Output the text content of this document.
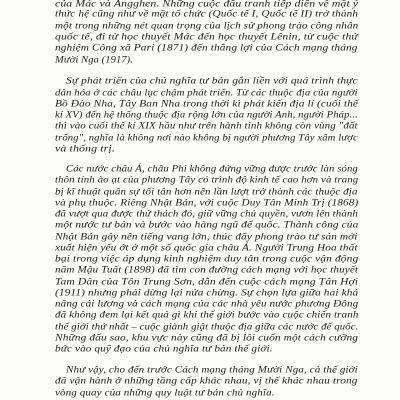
của Mác và Ăngghen. Những cuộc đấu tranh tiếp diễn về mặt ý
thức hệ cũng như về mặt tổ chức (Quốc tế I, Quốc tế II) trở thành
một trong những nét quan trọng của lịch sử phong trào công nhân
quốc tế, đi từ học thuyết Mác đến học thuyết Lênin, từ cuộc thử
nghiệm Công xã Pari (1871) đến thắng lợi của Cách mạng tháng
Mười Nga (1917).
Sự phát triển của chủ nghĩa tư bản gắn liền với quá trình thực
dân hóa ở các châu lục chậm phát triển. Từ các thuộc địa của người
Bồ Đào Nha, Tây Ban Nha trong thời kì phát kiến địa lí (cuối thế
kỉ XV) đến hệ thống thuộc địa rộng lớn của người Anh, người Pháp...
thì vào cuối thế kỉ XIX hầu như trên hành tinh không còn vùng "đất
trống", nghĩa là không nơi nào không bị người phương Tây xâm lược
và thống trị.
Các nước châu Á, châu Phi không đứng vững được trước làn sóng
thôn tính ào ạt của phương Tây có trình độ kinh tế cao hơn và trang
bị kĩ thuật quân sự tối tân hơn nên lần lượt trở thành các thuộc địa
và phụ thuộc. Riêng Nhật Bản, với cuộc Duy Tân Minh Trị (1868)
đã vượt qua được thử thách đó, giữ vững chủ quyền, vươn lên thành
một nước tư bản và bước vào hàng ngũ đế quốc. Thành công của
Nhật Bản gây nên tiếng vang lớn, thúc đẩy phong trào tư sản mới
xuất hiện yếu ớt ở một số quốc gia châu Á. Người Trung Hoa thất
bại trong việc áp dụng kinh nghiệm duy tân trong cuộc vận động
năm Mậu Tuất (1898) đã tìm con đường cách mạng với học thuyết
Tam Dân của Tôn Trung Sơn, dẫn đến cuộc cách mạng Tân Hợi
(1911) nhưng phải dừng lại nửa chừng. Sự chọn lựa giữa hai khả
năng cải lương và cách mạng của các nhà yêu nước phương Đông
đã không đem lại kết quả gì khi thế giới bước vào cuộc chiến tranh
thế giới thứ nhất – cuộc giành giật thuộc địa giữa các nước đế quốc.
Những đấu sao, khu vực này cũng đã bị lôi cuốn một cách cưỡng
bức vào quỹ đạo của chủ nghĩa tư bản thế giới.
Như vậy, cho đến trước Cách mạng tháng Mười Nga, cả thế giới
đã vận hành ở những tầng cấp khác nhau, vị thế khác nhau trong
vòng quay của những quy luật tư bản chủ nghĩa.
